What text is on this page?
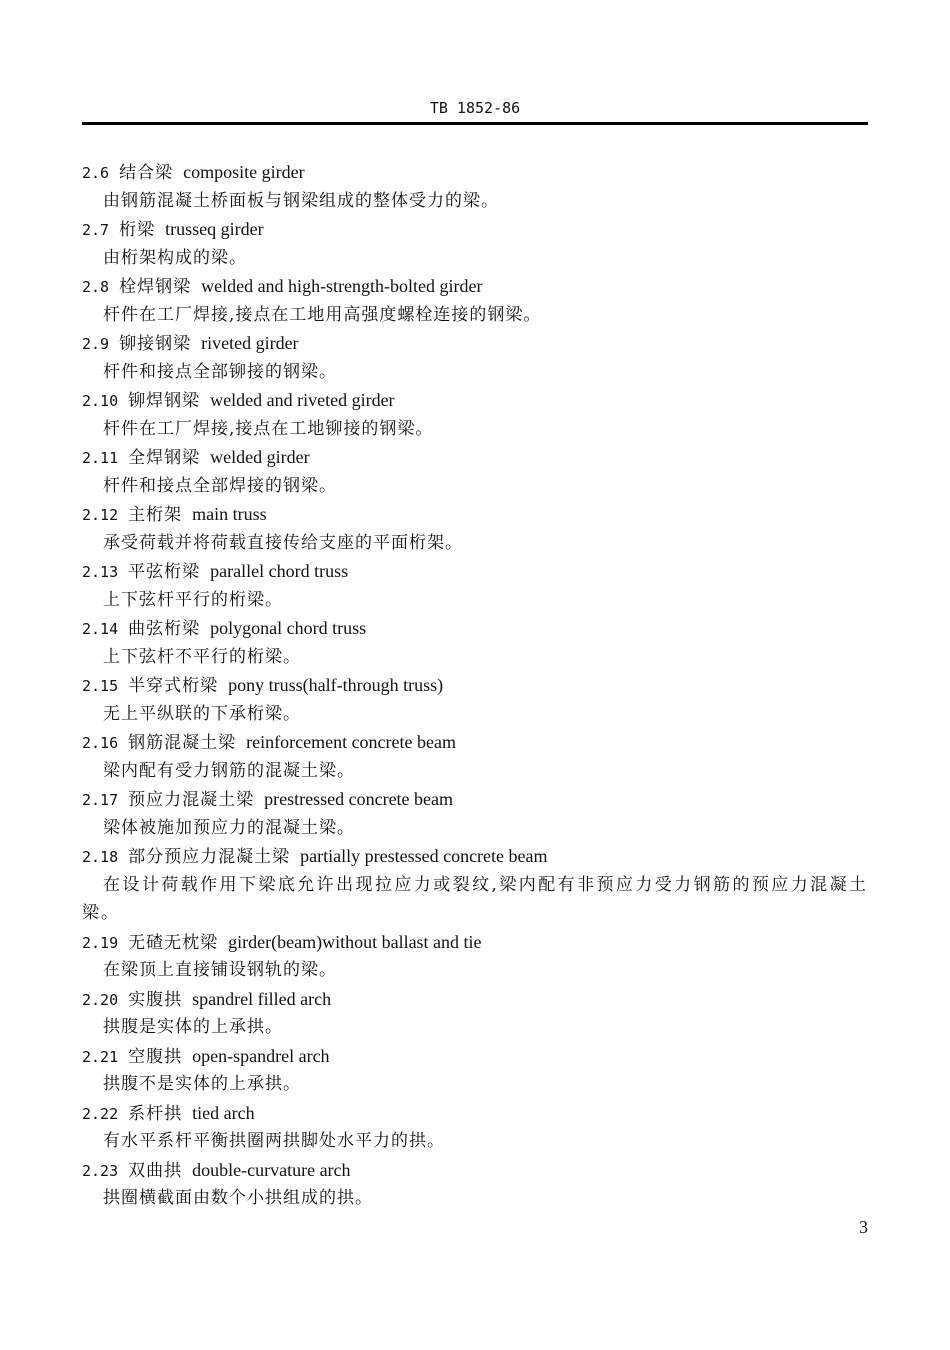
TB 1852-86
2.6 结合梁 composite girder
由钢筋混凝土桥面板与钢梁组成的整体受力的梁。
2.7 桁梁 trusseq girder
由桁架构成的梁。
2.8 栓焊钢梁 welded and high-strength-bolted girder
杆件在工厂焊接,接点在工地用高强度螺栓连接的钢梁。
2.9 铆接钢梁 riveted girder
杆件和接点全部铆接的钢梁。
2.10 铆焊钢梁 welded and riveted girder
杆件在工厂焊接,接点在工地铆接的钢梁。
2.11 全焊钢梁 welded girder
杆件和接点全部焊接的钢梁。
2.12 主桁架 main truss
承受荷载并将荷载直接传给支座的平面桁架。
2.13 平弦桁梁 parallel chord truss
上下弦杆平行的桁梁。
2.14 曲弦桁梁 polygonal chord truss
上下弦杆不平行的桁梁。
2.15 半穿式桁梁 pony truss(half-through truss)
无上平纵联的下承桁梁。
2.16 钢筋混凝土梁 reinforcement concrete beam
梁内配有受力钢筋的混凝土梁。
2.17 预应力混凝土梁 prestressed concrete beam
梁体被施加预应力的混凝土梁。
2.18 部分预应力混凝土梁 partially prestessed concrete beam
在设计荷载作用下梁底允许出现拉应力或裂纹,梁内配有非预应力受力钢筋的预应力混凝土梁。
2.19 无碴无枕梁 girder(beam)without ballast and tie
在梁顶上直接铺设钢轨的梁。
2.20 实腹拱 spandrel filled arch
拱腹是实体的上承拱。
2.21 空腹拱 open-spandrel arch
拱腹不是实体的上承拱。
2.22 系杆拱 tied arch
有水平系杆平衡拱圈两拱脚处水平力的拱。
2.23 双曲拱 double-curvature arch
拱圈横截面由数个小拱组成的拱。
3
